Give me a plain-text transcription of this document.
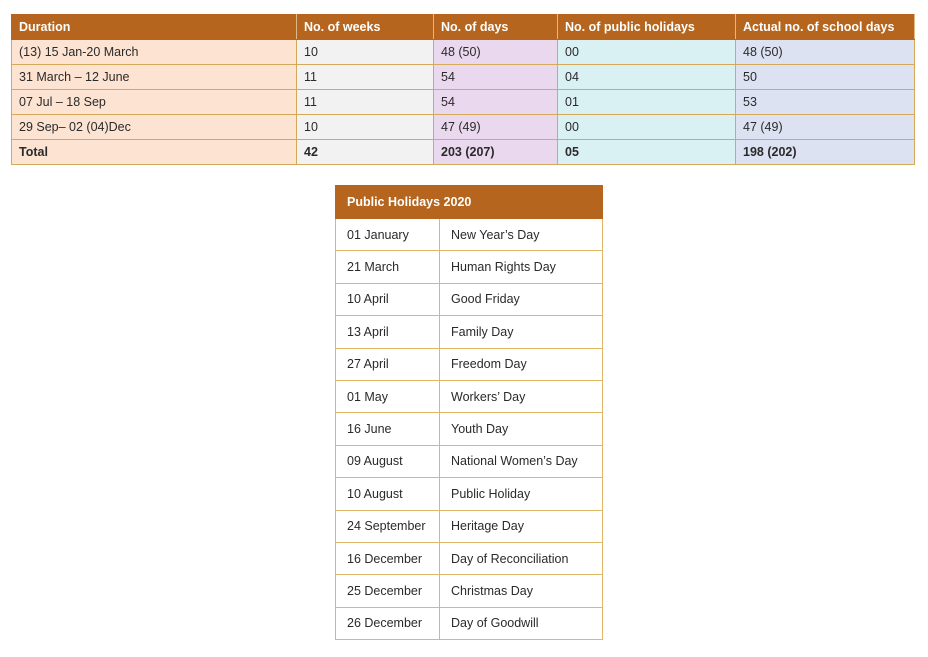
Duration	No. of weeks	No. of days	No. of public holidays	Actual no. of school days
(13) 15 Jan-20 March	10	48 (50)	00	48 (50)
31 March – 12 June	11	54	04	50
07 Jul – 18 Sep	11	54	01	53
29 Sep– 02 (04)Dec	10	47 (49)	00	47 (49)
Total	42	203 (207)	05	198 (202)
Public Holidays 2020	
01 January	New Year’s Day
21 March	Human Rights Day
10 April	Good Friday
13 April	Family Day
27 April	Freedom Day
01 May	Workers’ Day
16 June	Youth Day
09 August	National Women’s Day
10 August	Public Holiday
24 September	Heritage Day
16 December	Day of Reconciliation
25 December	Christmas Day
26 December	Day of Goodwill
